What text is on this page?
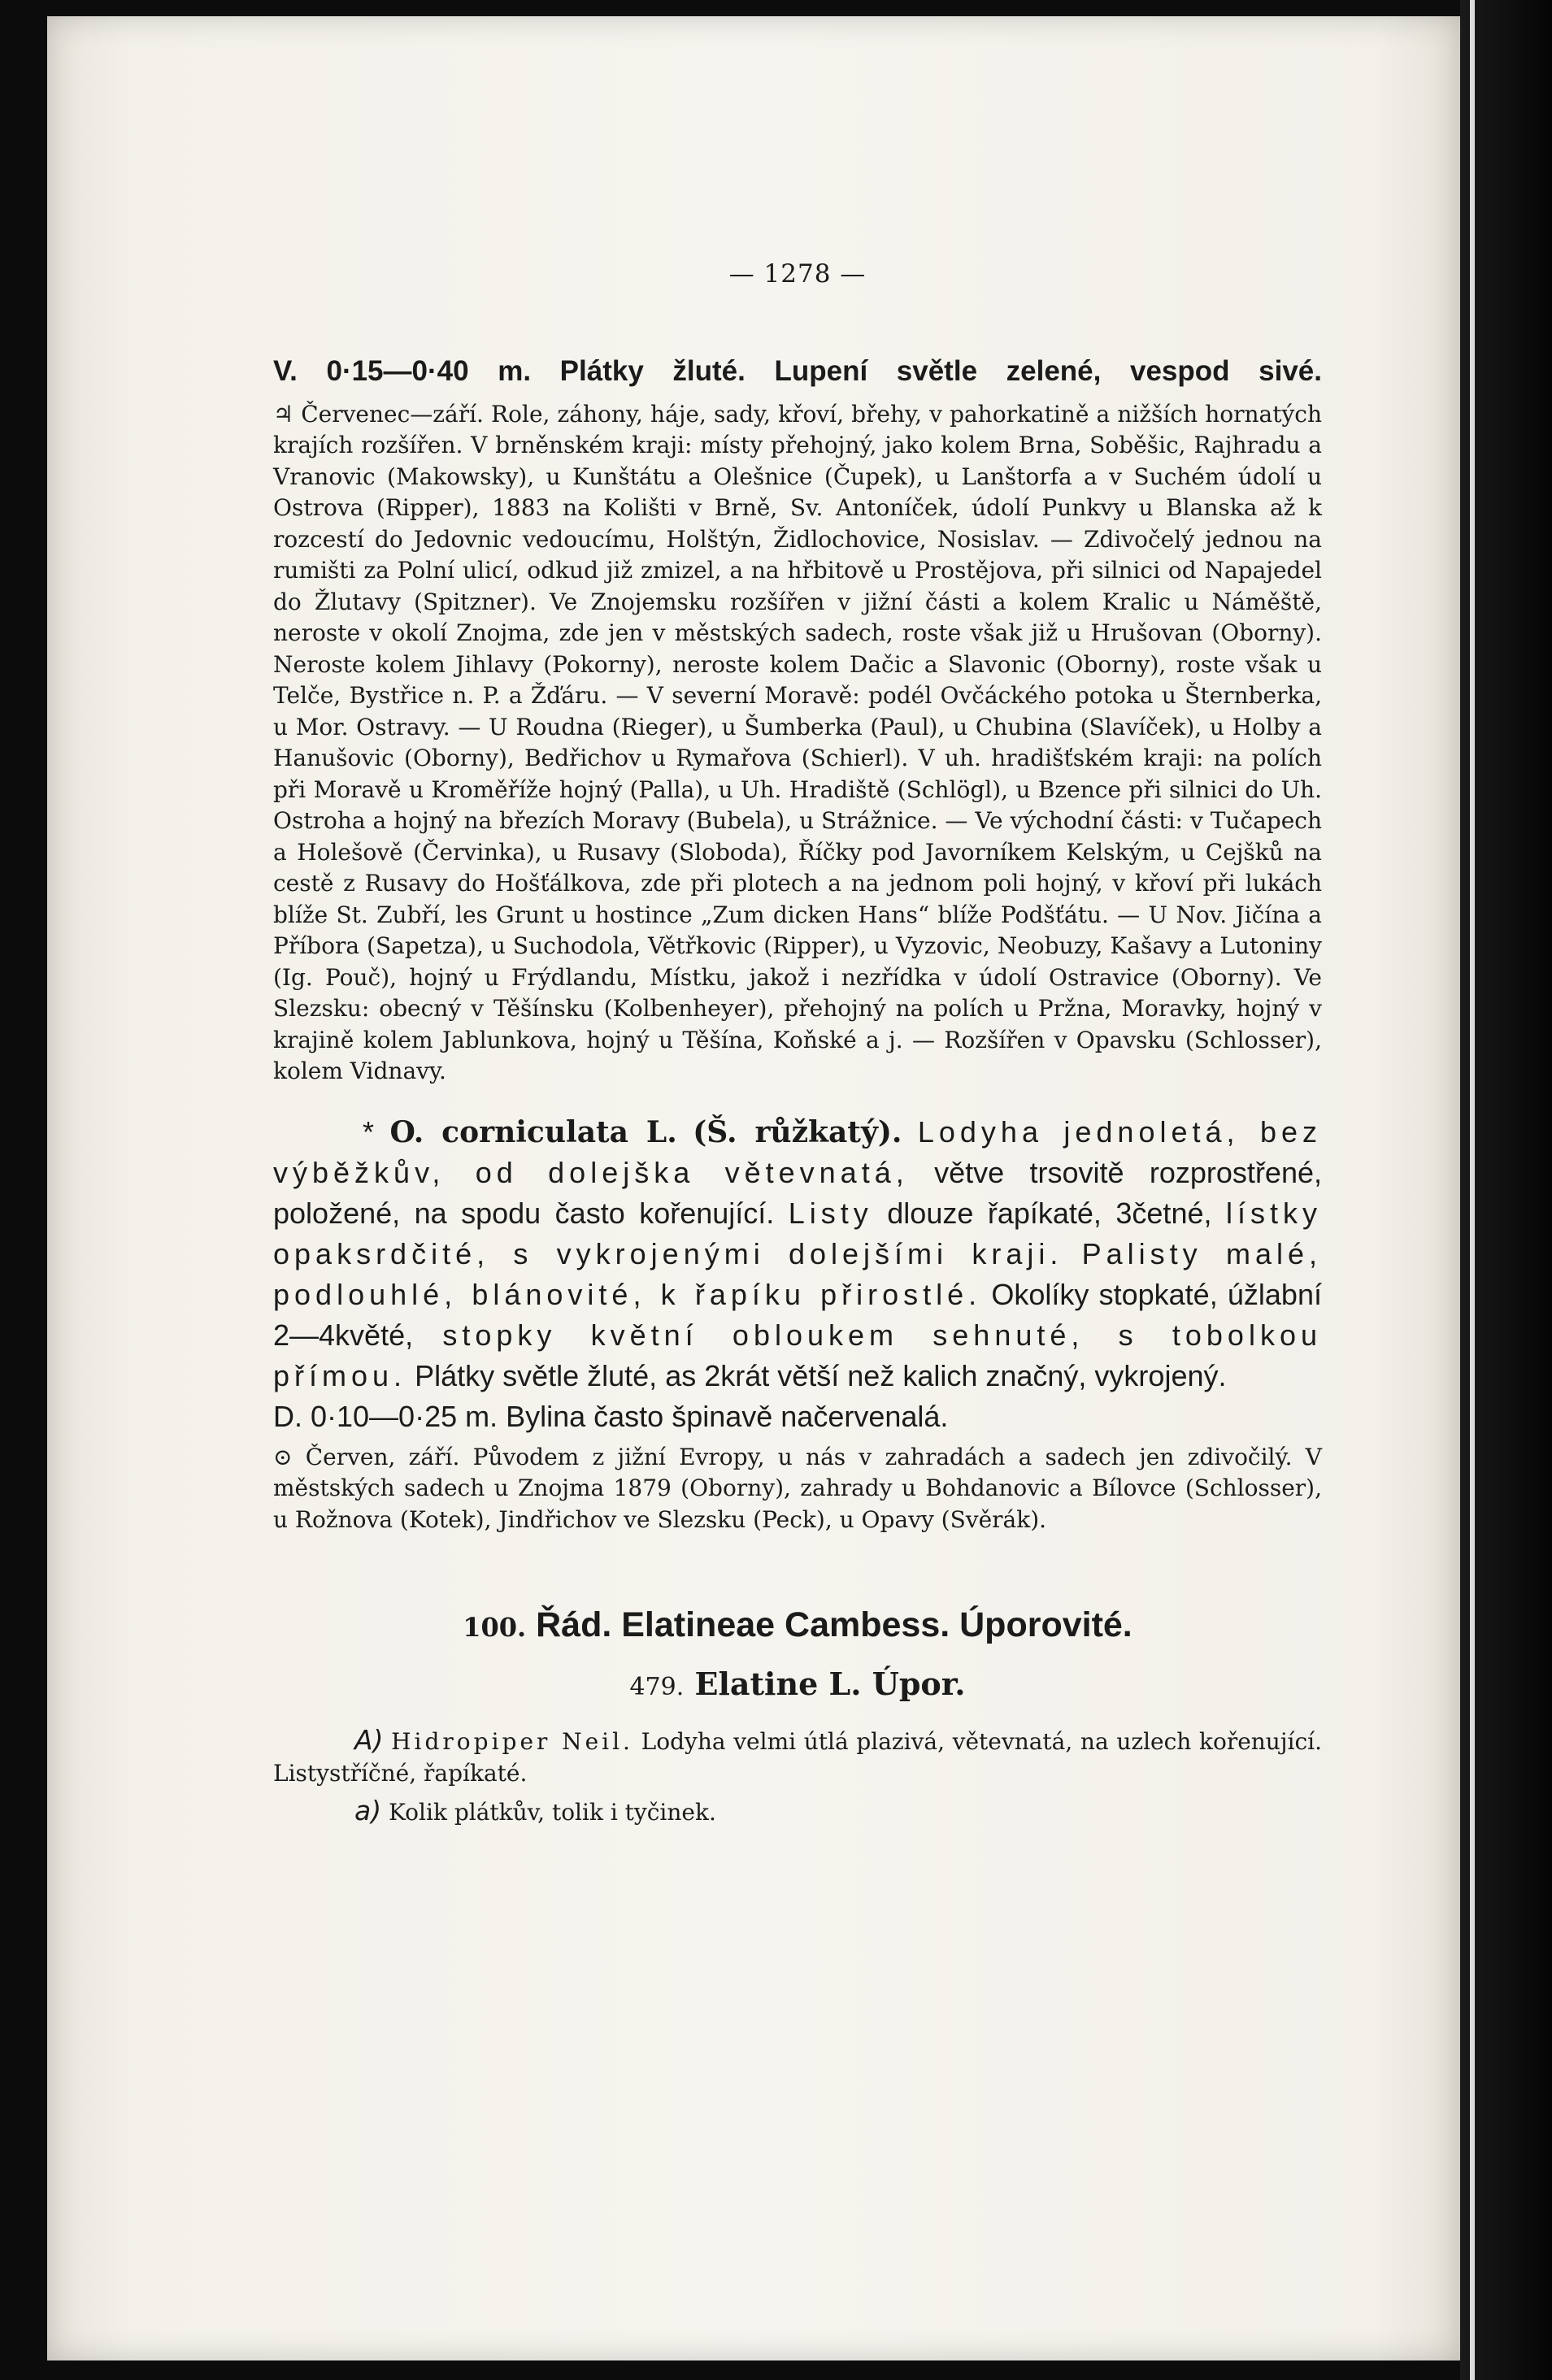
— 1278 —

V. 0·15—0·40 m. Plátky žluté. Lupení světle zelené, vespod sivé.

♃ Červenec—září. Role, záhony, háje, sady, křoví, břehy, v pahorkatině a nižších hornatých krajích rozšířen. V brněnském kraji: místy přehojný, jako kolem Brna, Soběšic, Rajhradu a Vranovic (Makowsky), u Kunštátu a Olešnice (Čupek), u Lanštorfa a v Suchém údolí u Ostrova (Ripper), 1883 na Kolišti v Brně, Sv. Antoníček, údolí Punkvy u Blanska až k rozcestí do Jedovnic vedoucímu, Holštýn, Židlochovice, Nosislav. — Zdivočelý jednou na rumišti za Polní ulicí, odkud již zmizel, a na hřbitově u Prostějova, při silnici od Napajedel do Žlutavy (Spitzner). Ve Znojemsku rozšířen v jižní části a kolem Kralic u Náměště, neroste v okolí Znojma, zde jen v městských sadech, roste však již u Hrušovan (Oborny). Neroste kolem Jihlavy (Pokorny), neroste kolem Dačic a Slavonic (Oborny), roste však u Telče, Bystřice n. P. a Žďáru. — V severní Moravě: podél Ovčáckého potoka u Šternberka, u Mor. Ostravy. — U Roudna (Rieger), u Šumberka (Paul), u Chubina (Slavíček), u Holby a Hanušovic (Oborny), Bedřichov u Rymařova (Schierl). V uh. hradišťském kraji: na polích při Moravě u Kroměříže hojný (Palla), u Uh. Hradiště (Schlögl), u Bzence při silnici do Uh. Ostroha a hojný na březích Moravy (Bubela), u Strážnice. — Ve východní části: v Tučapech a Holešově (Červinka), u Rusavy (Sloboda), Říčky pod Javorníkem Kelským, u Cejšků na cestě z Rusavy do Hošťálkova, zde při plotech a na jednom poli hojný, v křoví při lukách blíže St. Zubří, les Grunt u hostince „Zum dicken Hans“ blíže Podšťátu. — U Nov. Jičína a Příbora (Sapetza), u Suchodola, Větřkovic (Ripper), u Vyzovic, Neobuzy, Kašavy a Lutoniny (Ig. Pouč), hojný u Frýdlandu, Místku, jakož i nezřídka v údolí Ostravice (Oborny). Ve Slezsku: obecný v Těšínsku (Kolbenheyer), přehojný na polích u Pržna, Moravky, hojný v krajině kolem Jablunkova, hojný u Těšína, Koňské a j. — Rozšířen v Opavsku (Schlosser), kolem Vidnavy.

* O. corniculata L. (Š. růžkatý). Lodyha jednoletá, bez výběžkův, od dolejška větevnatá, větve trsovitě rozprostřené, položené, na spodu často kořenující. Listy dlouze řapíkaté, 3četné, lístky opaksrdčité, s vykrojenými dolejšími kraji. Palisty malé, podlouhlé, blánovité, k řapíku přirostlé. Okolíky stopkaté, úžlabní 2—4květé, stopky květní obloukem sehnuté, s tobolkou přímou. Plátky světle žluté, as 2krát větší než kalich značný, vykrojený.

D. 0·10—0·25 m. Bylina často špinavě načervenalá.

⊙ Červen, září. Původem z jižní Evropy, u nás v zahradách a sadech jen zdivočilý. V městských sadech u Znojma 1879 (Oborny), zahrady u Bohdanovic a Bílovce (Schlosser), u Rožnova (Kotek), Jindřichov ve Slezsku (Peck), u Opavy (Svěrák).

100. Řád. Elatineae Cambess. Úporovité.

479. Elatine L. Úpor.

A) Hidropiper Neil. Lodyha velmi útlá plazivá, větevnatá, na uzlech kořenující. Listystříčné, řapíkaté.

a) Kolik plátkův, tolik i tyčinek.
